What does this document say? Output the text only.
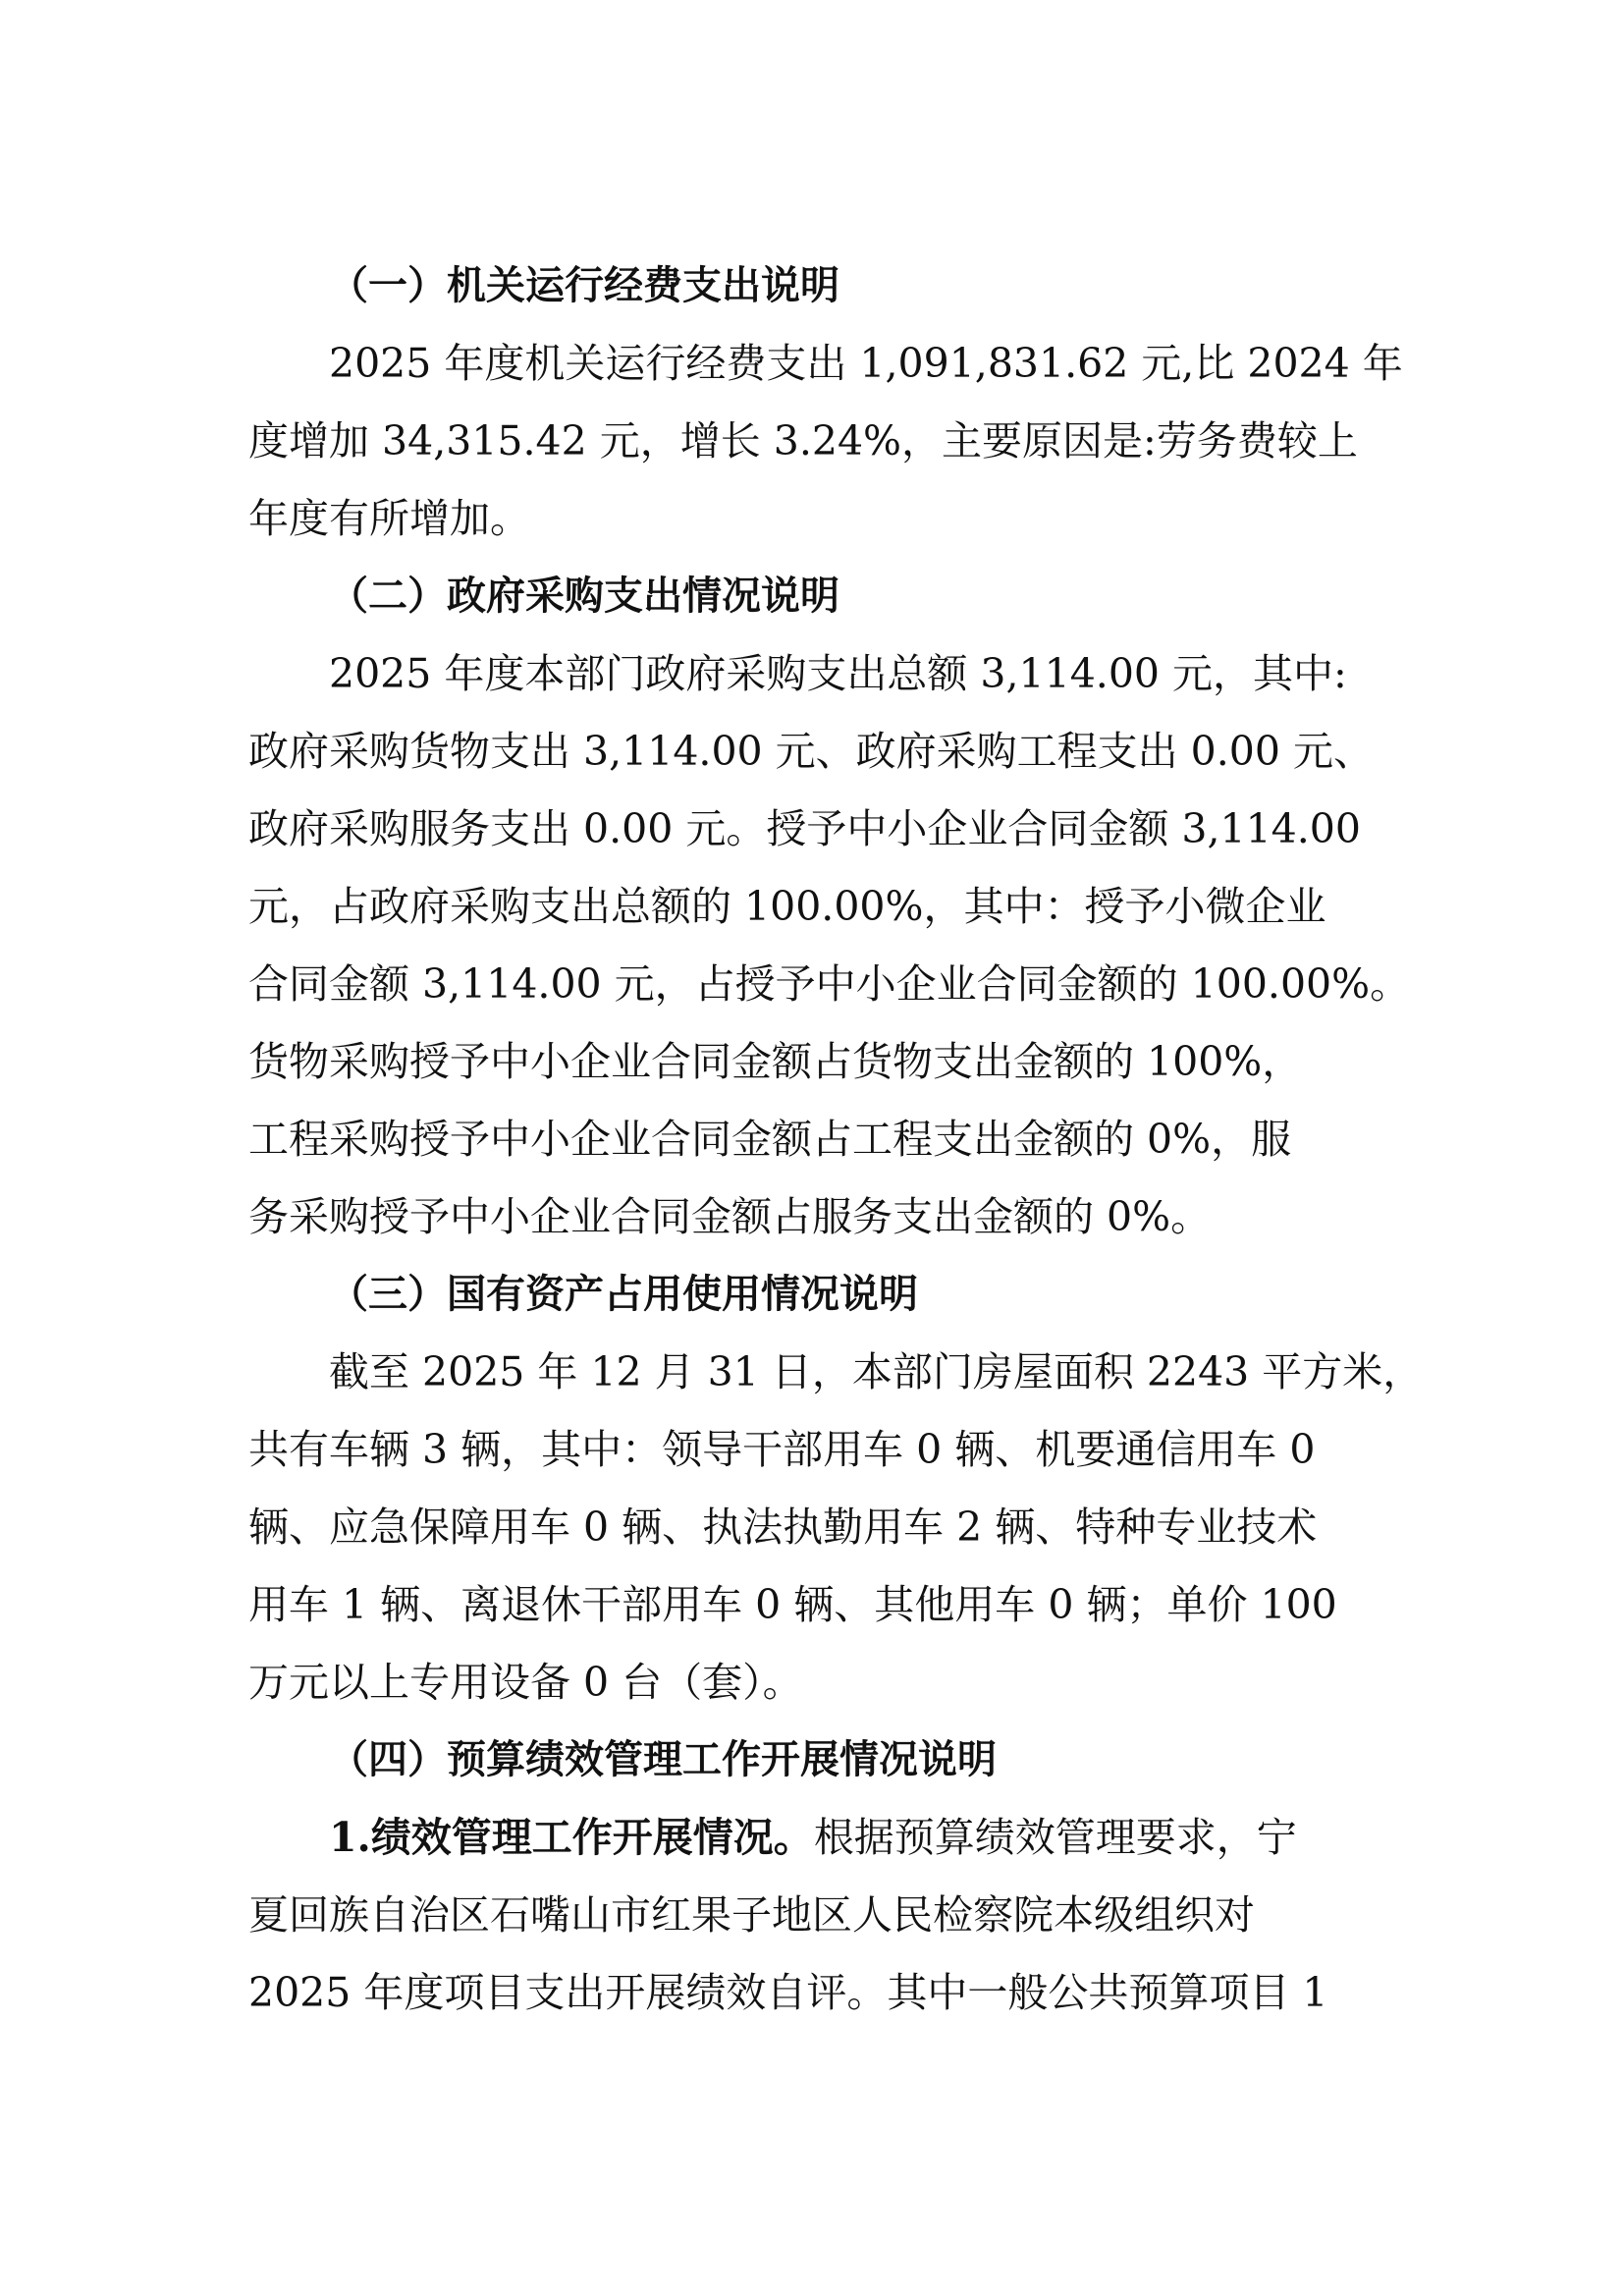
（一）机关运行经费支出说明
2025 年度机关运行经费支出 1,091,831.62 元,比 2024 年
度增加 34,315.42 元，增长 3.24%，主要原因是:劳务费较上
年度有所增加。
（二）政府采购支出情况说明
2025 年度本部门政府采购支出总额 3,114.00 元，其中:
政府采购货物支出 3,114.00 元、政府采购工程支出 0.00 元、
政府采购服务支出 0.00 元。授予中小企业合同金额 3,114.00
元，占政府采购支出总额的 100.00%，其中：授予小微企业
合同金额 3,114.00 元，占授予中小企业合同金额的 100.00%。
货物采购授予中小企业合同金额占货物支出金额的 100%，
工程采购授予中小企业合同金额占工程支出金额的 0%，服
务采购授予中小企业合同金额占服务支出金额的 0%。
（三）国有资产占用使用情况说明
截至 2025 年 12 月 31 日，本部门房屋面积 2243 平方米，
共有车辆 3 辆，其中：领导干部用车 0 辆、机要通信用车 0
辆、应急保障用车 0 辆、执法执勤用车 2 辆、特种专业技术
用车 1 辆、离退休干部用车 0 辆、其他用车 0 辆；单价 100
万元以上专用设备 0 台（套）。
（四）预算绩效管理工作开展情况说明
1.绩效管理工作开展情况。 根据预算绩效管理要求，宁
夏回族自治区石嘴山市红果子地区人民检察院本级组织对
2025 年度项目支出开展绩效自评。其中一般公共预算项目 1
